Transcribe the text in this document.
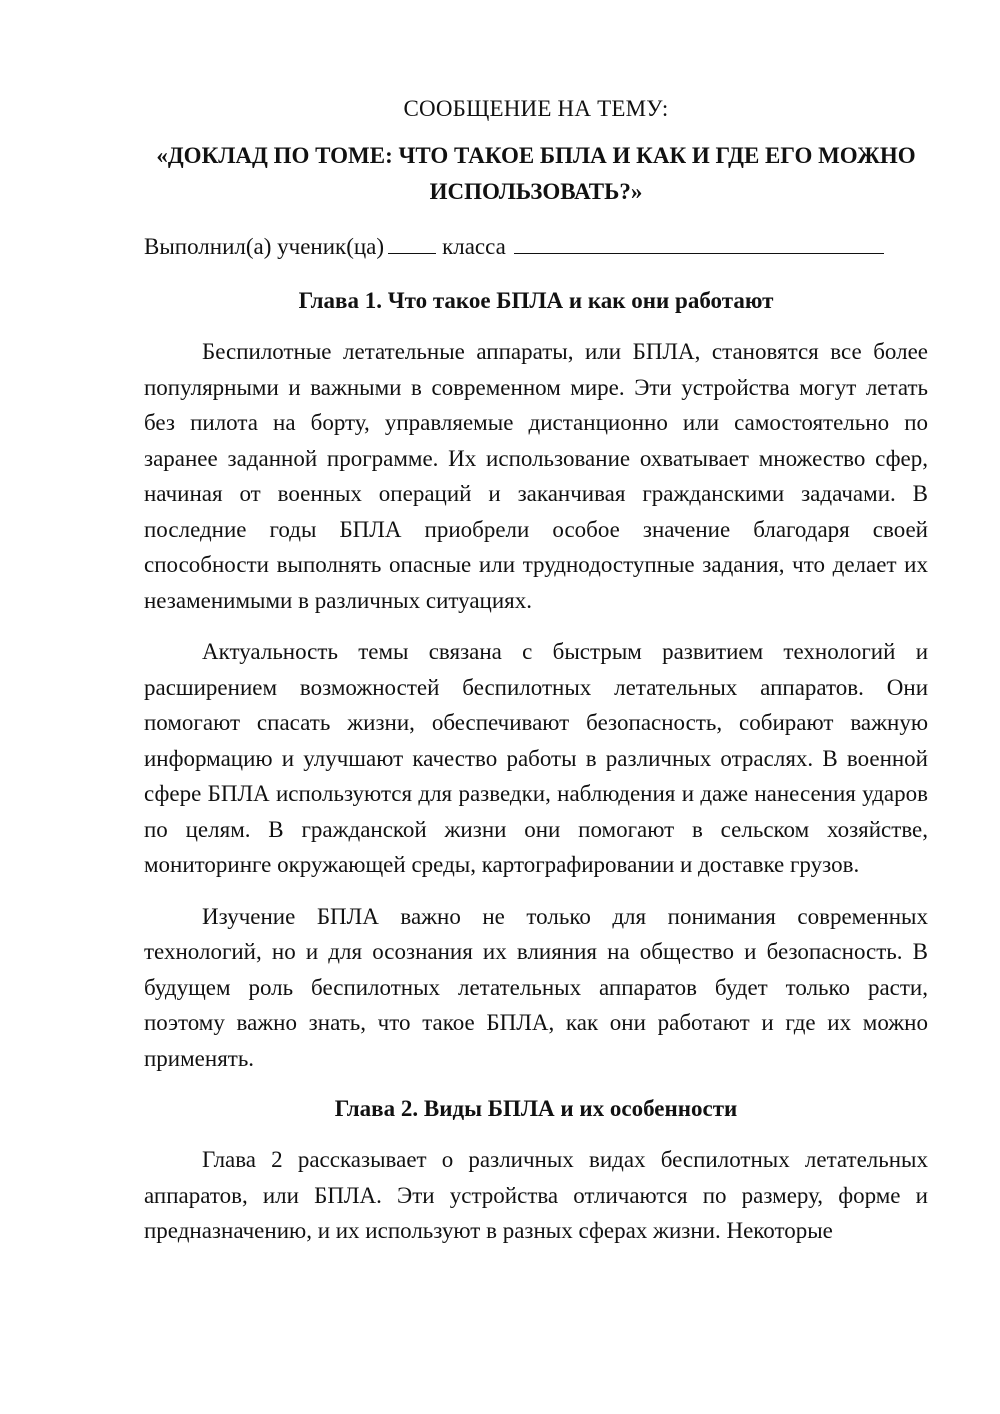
СООБЩЕНИЕ НА ТЕМУ:
«ДОКЛАД ПО ТОМЕ: ЧТО ТАКОЕ БПЛА И КАК И ГДЕ ЕГО МОЖНО ИСПОЛЬЗОВАТЬ?»
Выполнил(а) ученик(ца)	класса
Глава 1. Что такое БПЛА и как они работают

Беспилотные летательные аппараты, или БПЛА, становятся все более популярными и важными в современном мире. Эти устройства могут летать без пилота на борту, управляемые дистанционно или самостоятельно по заранее заданной программе. Их использование охватывает множество сфер, начиная от военных операций и заканчивая гражданскими задачами. В последние годы БПЛА приобрели особое значение благодаря своей способности выполнять опасные или труднодоступные задания, что делает их незаменимыми в различных ситуациях.

Актуальность темы связана с быстрым развитием технологий и расширением возможностей беспилотных летательных аппаратов. Они помогают спасать жизни, обеспечивают безопасность, собирают важную информацию и улучшают качество работы в различных отраслях. В военной сфере БПЛА используются для разведки, наблюдения и даже нанесения ударов по целям. В гражданской жизни они помогают в сельском хозяйстве, мониторинге окружающей среды, картографировании и доставке грузов.

Изучение БПЛА важно не только для понимания современных технологий, но и для осознания их влияния на общество и безопасность. В будущем роль беспилотных летательных аппаратов будет только расти, поэтому важно знать, что такое БПЛА, как они работают и где их можно применять.

Глава 2. Виды БПЛА и их особенности

Глава 2 рассказывает о различных видах беспилотных летательных аппаратов, или БПЛА. Эти устройства отличаются по размеру, форме и предназначению, и их используют в разных сферах жизни. Некоторые
